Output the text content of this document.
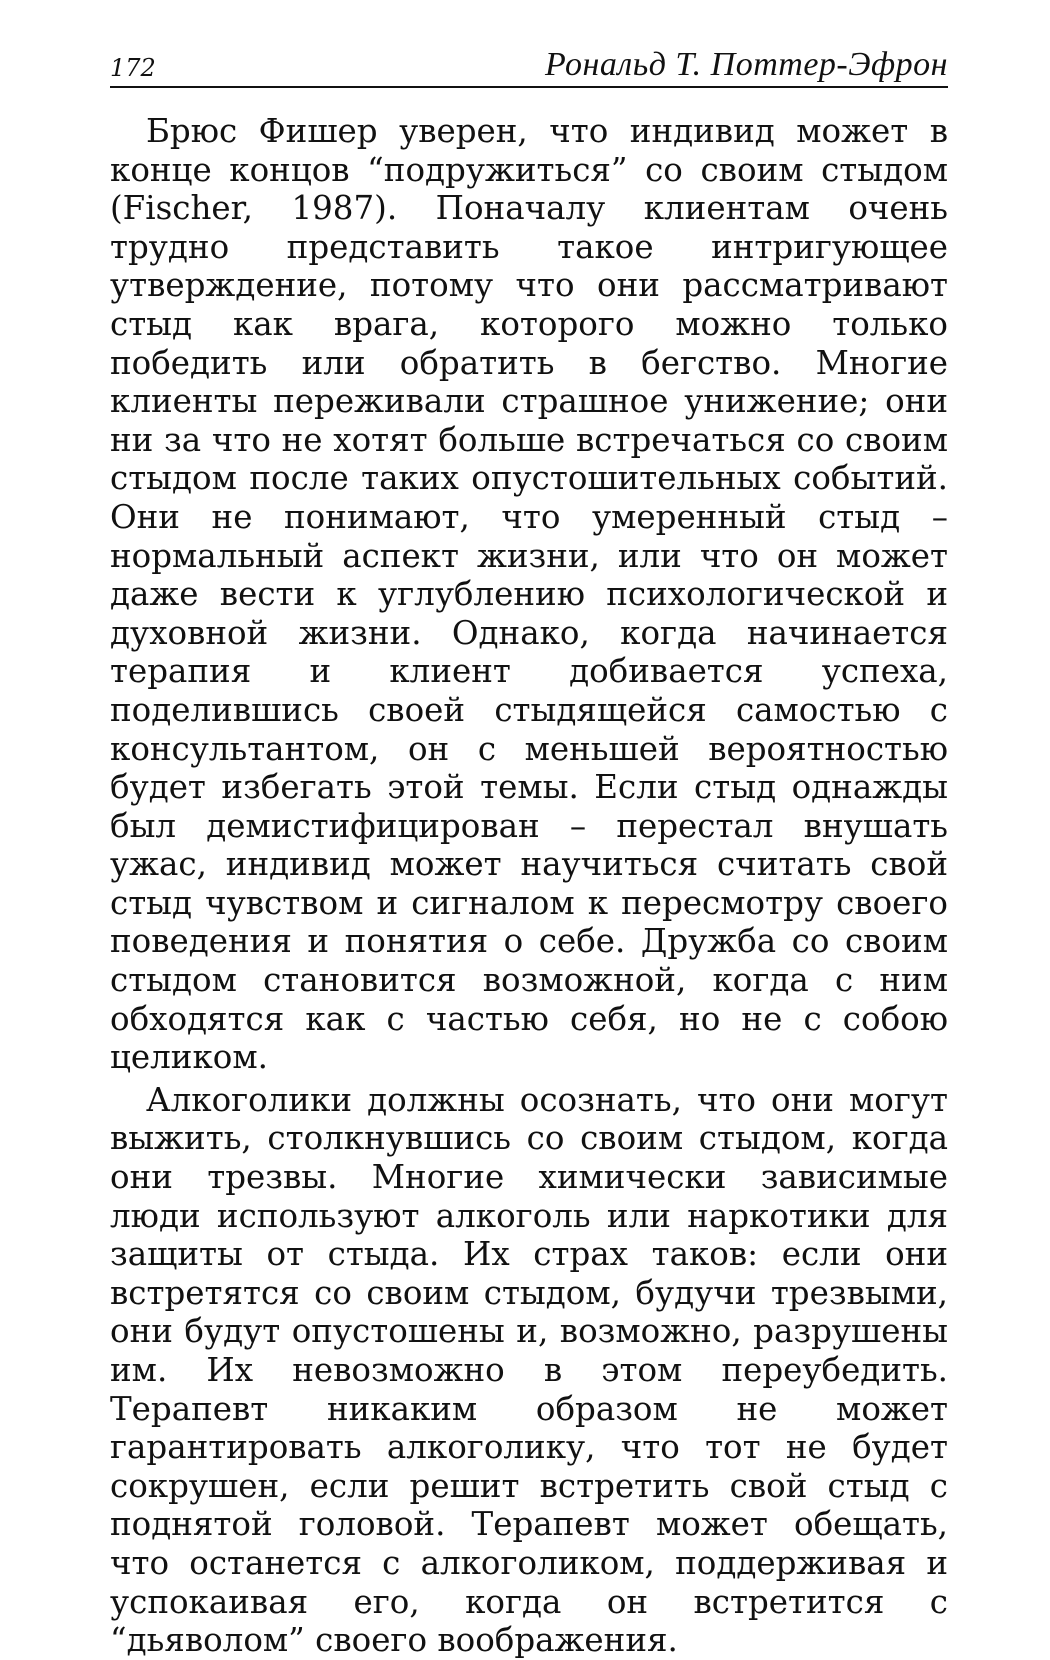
172	Рональд Т. Поттер-Эфрон

Брюс Фишер уверен, что индивид может в конце концов “подружиться” со своим стыдом (Fischer, 1987). Поначалу клиентам очень трудно представить такое интригующее утверждение, потому что они рассматривают стыд как врага, которого можно только победить или обратить в бегство. Многие клиенты переживали страшное унижение; они ни за что не хотят больше встречаться со своим стыдом после таких опустошительных событий. Они не понимают, что умеренный стыд – нормальный аспект жизни, или что он может даже вести к углублению психологической и духовной жизни. Однако, когда начинается терапия и клиент добивается успеха, поделившись своей стыдящейся самостью с консультантом, он с меньшей вероятностью будет избегать этой темы. Если стыд однажды был демистифицирован – перестал внушать ужас, индивид может научиться считать свой стыд чувством и сигналом к пересмотру своего поведения и понятия о себе. Дружба со своим стыдом становится возможной, когда с ним обходятся как с частью себя, но не с собою целиком.

Алкоголики должны осознать, что они могут выжить, столкнувшись со своим стыдом, когда они трезвы. Многие химически зависимые люди используют алкоголь или наркотики для защиты от стыда. Их страх таков: если они встретятся со своим стыдом, будучи трезвыми, они будут опустошены и, возможно, разрушены им. Их невозможно в этом переубедить. Терапевт никаким образом не может гарантировать алкоголику, что тот не будет сокрушен, если решит встретить свой стыд с поднятой головой. Терапевт может обещать, что останется с алкоголиком, поддерживая и успокаивая его, когда он встретится с “дьяволом” своего воображения.
